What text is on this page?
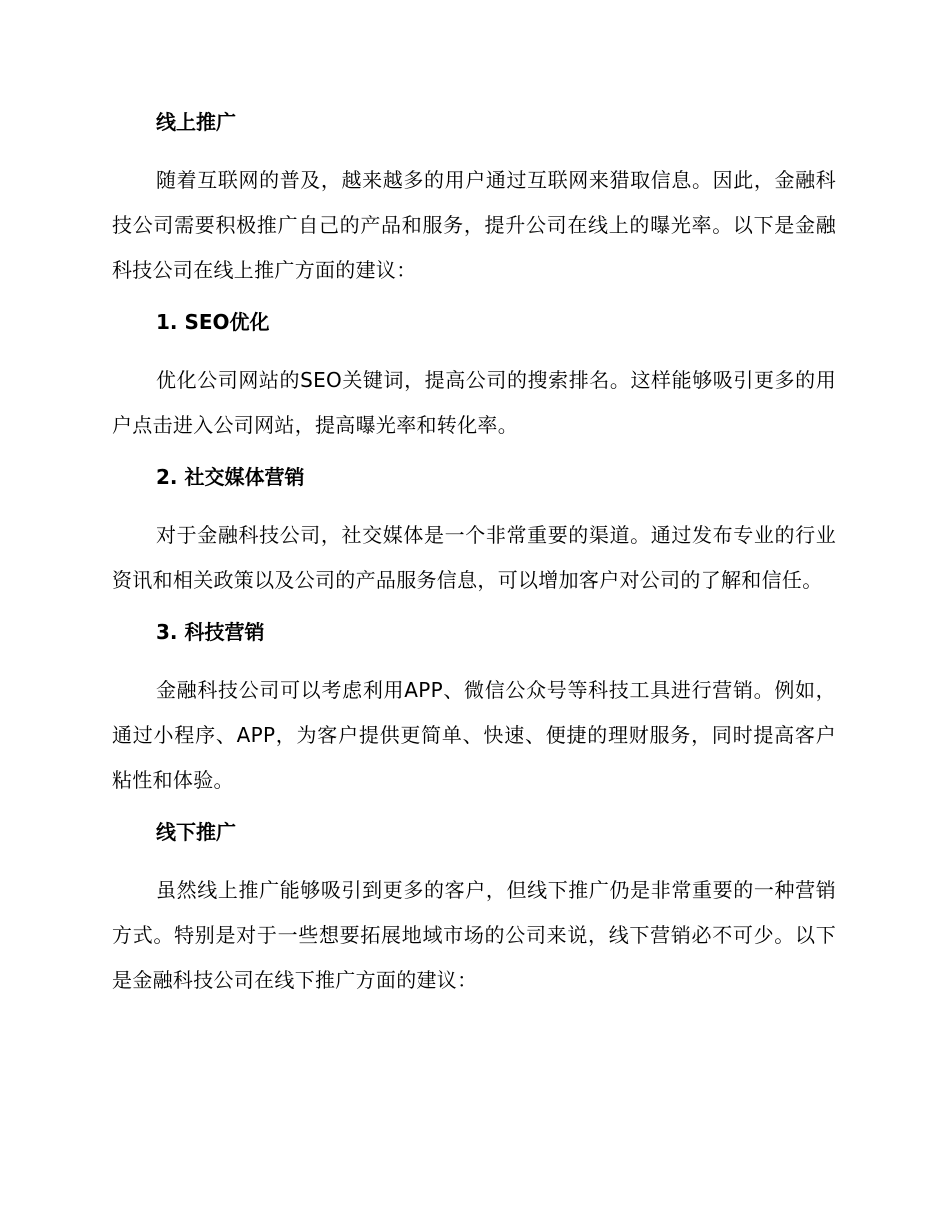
线上推广

随着互联网的普及，越来越多的用户通过互联网来猎取信息。因此，金融科技公司需要积极推广自己的产品和服务，提升公司在线上的曝光率。以下是金融科技公司在线上推广方面的建议：

1. SEO优化

优化公司网站的SEO关键词，提高公司的搜索排名。这样能够吸引更多的用户点击进入公司网站，提高曝光率和转化率。

2. 社交媒体营销

对于金融科技公司，社交媒体是一个非常重要的渠道。通过发布专业的行业资讯和相关政策以及公司的产品服务信息，可以增加客户对公司的了解和信任。

3. 科技营销

金融科技公司可以考虑利用APP、微信公众号等科技工具进行营销。例如，通过小程序、APP，为客户提供更简单、快速、便捷的理财服务，同时提高客户粘性和体验。

线下推广

虽然线上推广能够吸引到更多的客户，但线下推广仍是非常重要的一种营销方式。特别是对于一些想要拓展地域市场的公司来说，线下营销必不可少。以下是金融科技公司在线下推广方面的建议：
